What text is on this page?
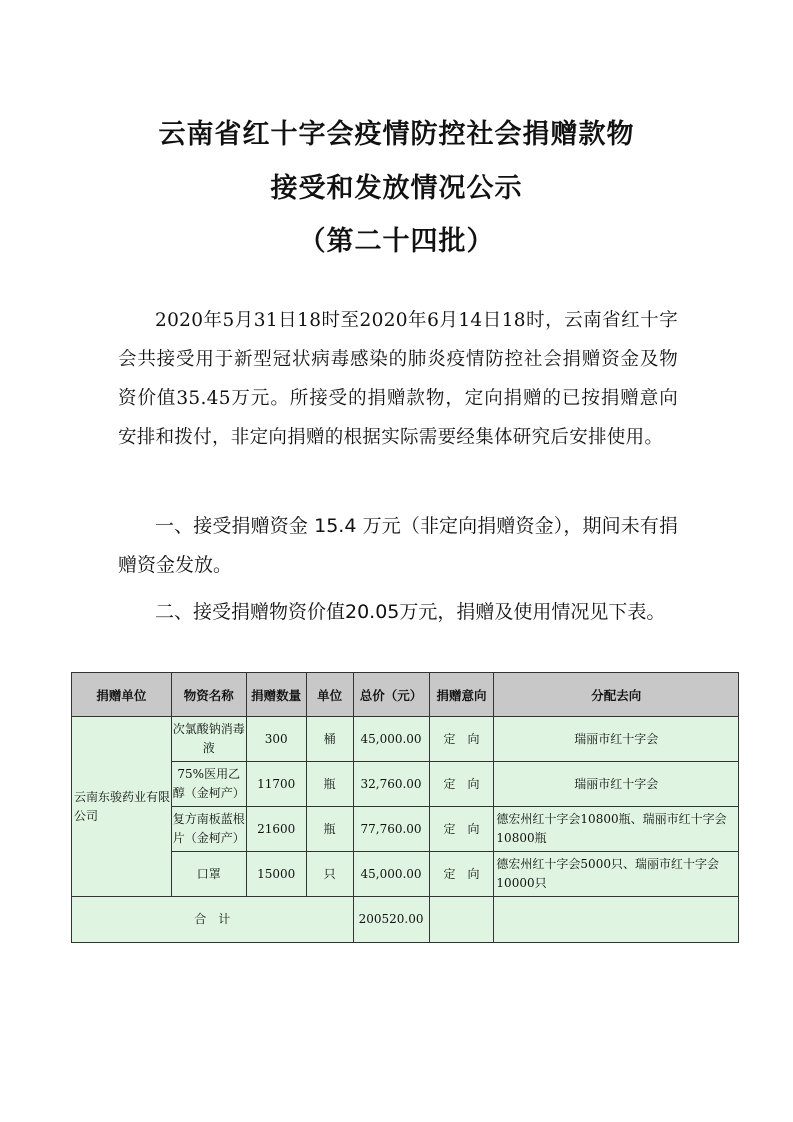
云南省红十字会疫情防控社会捐赠款物
接受和发放情况公示
（第二十四批）

2020年5月31日18时至2020年6月14日18时，云南省红十字会共接受用于新型冠状病毒感染的肺炎疫情防控社会捐赠资金及物资价值35.45万元。所接受的捐赠款物，定向捐赠的已按捐赠意向安排和拨付，非定向捐赠的根据实际需要经集体研究后安排使用。

一、接受捐赠资金 15.4 万元（非定向捐赠资金），期间未有捐赠资金发放。

二、接受捐赠物资价值20.05万元，捐赠及使用情况见下表。

捐赠单位	物资名称	捐赠数量	单位	总价（元）	捐赠意向	分配去向
云南东骏药业有限公司	次氯酸钠消毒液	300	桶	45,000.00	定　向	瑞丽市红十字会
	75%医用乙醇（金柯产）	11700	瓶	32,760.00	定　向	瑞丽市红十字会
	复方南板蓝根片（金柯产）	21600	瓶	77,760.00	定　向	德宏州红十字会10800瓶、瑞丽市红十字会10800瓶
	口罩	15000	只	45,000.00	定　向	德宏州红十字会5000只、瑞丽市红十字会10000只
合　计				200520.00		
